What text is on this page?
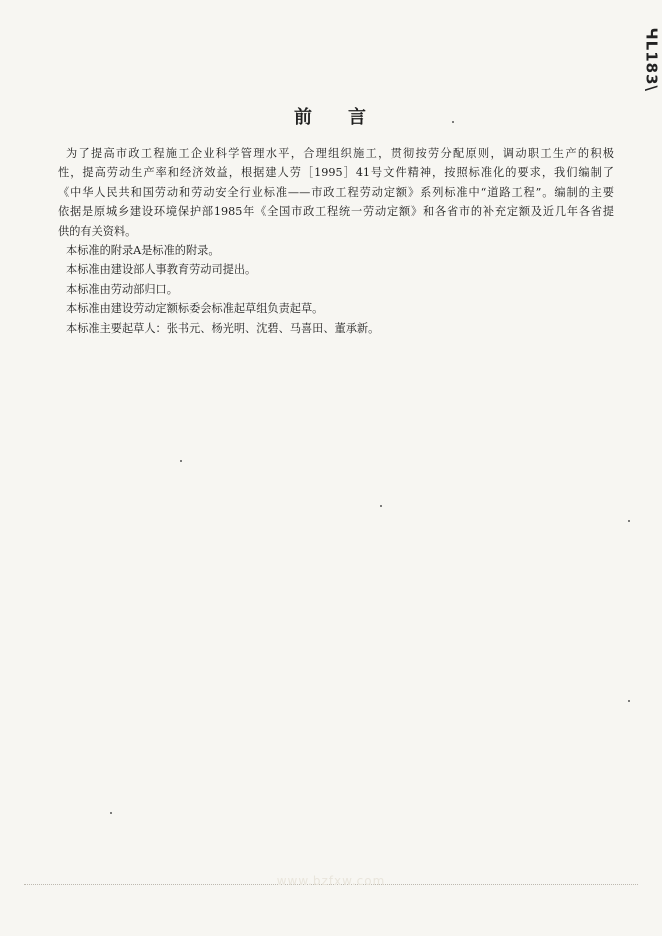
前 言
ЧL183\
为了提高市政工程施工企业科学管理水平，合理组织施工，贯彻按劳分配原则，调动职工生产的积极
性，提高劳动生产率和经济效益，根据建人劳［1995］41号文件精神，按照标准化的要求，我们编制了
《中华人民共和国劳动和劳动安全行业标准——市政工程劳动定额》系列标准中“道路工程”。编制的主要
依据是原城乡建设环境保护部1985年《全国市政工程统一劳动定额》和各省市的补充定额及近几年各省提
供的有关资料。
本标准的附录A是标准的附录。
本标准由建设部人事教育劳动司提出。
本标准由劳动部归口。
本标准由建设劳动定额标委会标准起草组负责起草。
本标准主要起草人：张书元、杨光明、沈碧、马喜田、董承新。
www.bzfxw.com
